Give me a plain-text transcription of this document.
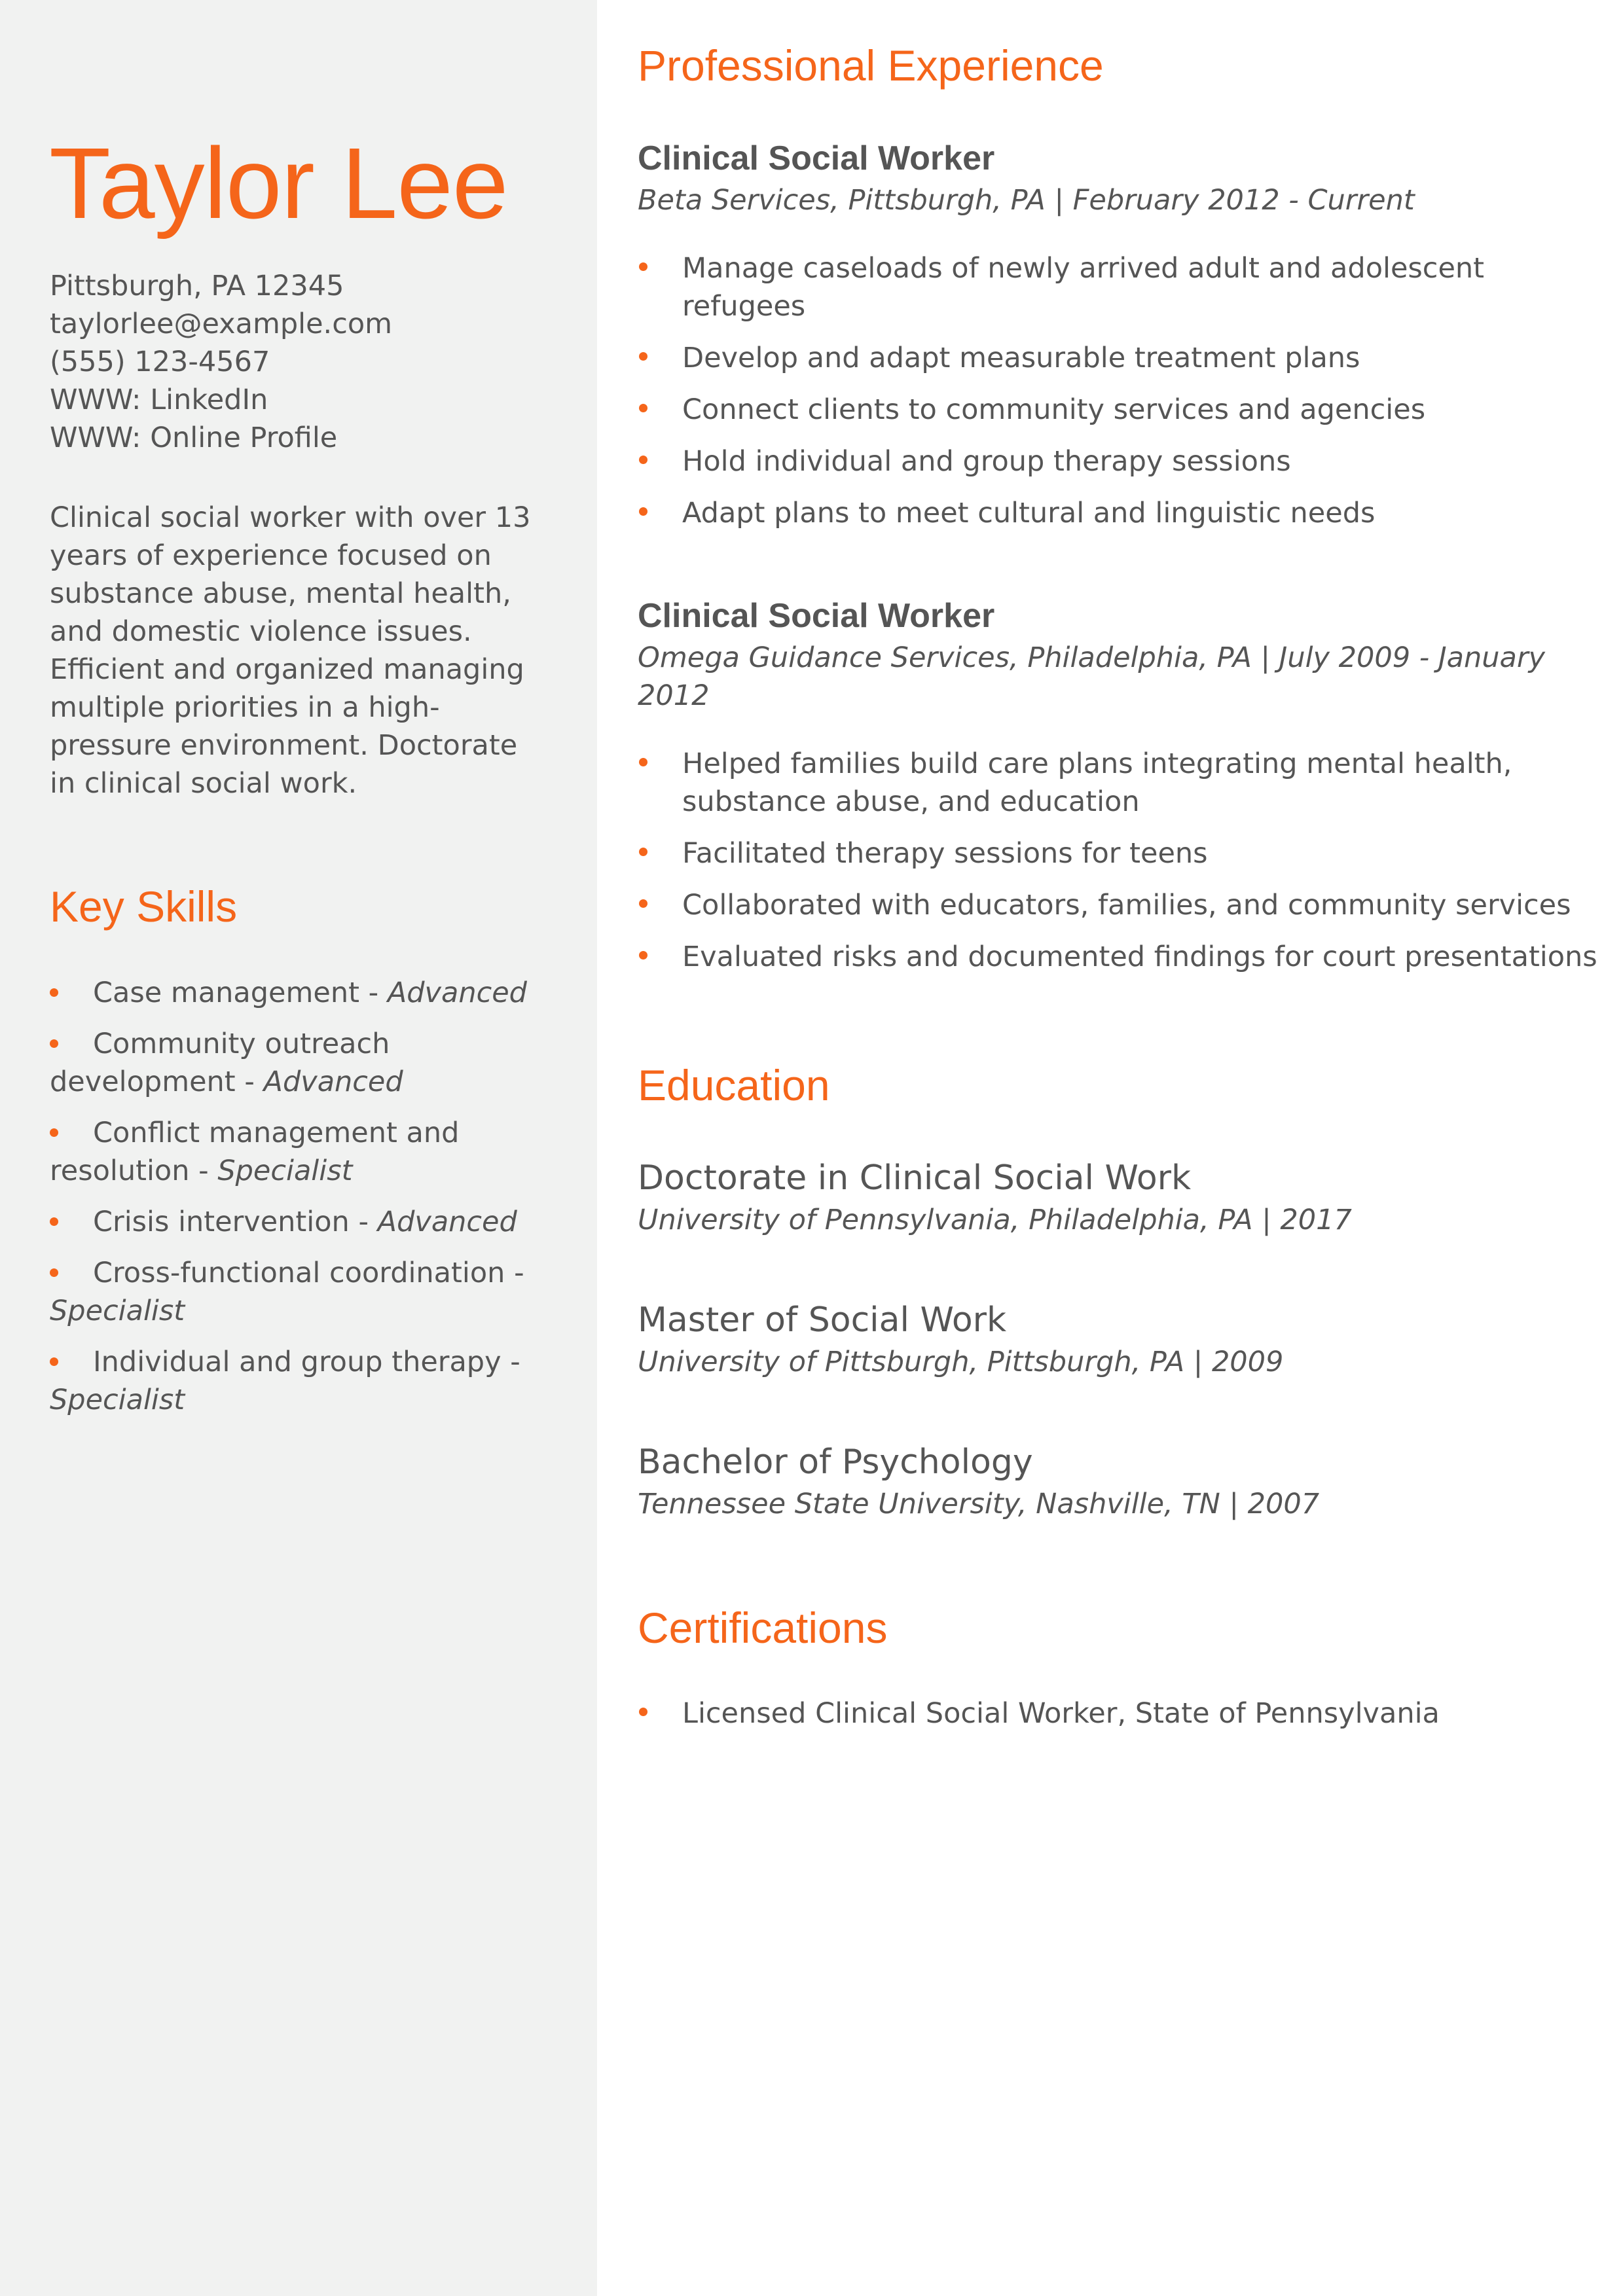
Taylor Lee
Pittsburgh, PA 12345
taylorlee@example.com
(555) 123-4567
WWW: LinkedIn
WWW: Online Profile
Clinical social worker with over 13 years of experience focused on substance abuse, mental health, and domestic violence issues. Efficient and organized managing multiple priorities in a high-pressure environment. Doctorate in clinical social work.
Key Skills
Case management - Advanced
Community outreach development - Advanced
Conflict management and resolution - Specialist
Crisis intervention - Advanced
Cross-functional coordination - Specialist
Individual and group therapy - Specialist
Professional Experience
Clinical Social Worker
Beta Services, Pittsburgh, PA | February 2012 - Current
Manage caseloads of newly arrived adult and adolescent refugees
Develop and adapt measurable treatment plans
Connect clients to community services and agencies
Hold individual and group therapy sessions
Adapt plans to meet cultural and linguistic needs
Clinical Social Worker
Omega Guidance Services, Philadelphia, PA | July 2009 - January 2012
Helped families build care plans integrating mental health, substance abuse, and education
Facilitated therapy sessions for teens
Collaborated with educators, families, and community services
Evaluated risks and documented findings for court presentations
Education
Doctorate in Clinical Social Work
University of Pennsylvania, Philadelphia, PA | 2017
Master of Social Work
University of Pittsburgh, Pittsburgh, PA | 2009
Bachelor of Psychology
Tennessee State University, Nashville, TN | 2007
Certifications
Licensed Clinical Social Worker, State of Pennsylvania
